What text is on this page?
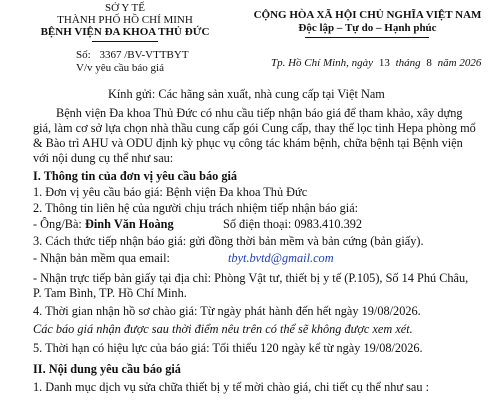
SỞ Y TẾ
THÀNH PHỐ HỒ CHÍ MINH
BỆNH VIỆN ĐA KHOA THỦ ĐỨC
Số: 3367 /BV-VTTBYT
V/v yêu cầu báo giá
CỘNG HÒA XÃ HỘI CHỦ NGHĨA VIỆT NAM
Độc lập – Tự do – Hạnh phúc
Tp. Hồ Chí Minh, ngày 13 tháng 8 năm 2026
Kính gửi: Các hãng sản xuất, nhà cung cấp tại Việt Nam
Bệnh viện Đa khoa Thủ Đức có nhu cầu tiếp nhận báo giá để tham khảo, xây dựng
giá, làm cơ sở lựa chọn nhà thầu cung cấp gói Cung cấp, thay thế lọc tinh Hepa phòng mổ
& Bào trì AHU và ODU định kỳ phục vụ công tác khám bệnh, chữa bệnh tại Bệnh viện
với nội dung cụ thể như sau:
I. Thông tin của đơn vị yêu cầu báo giá
1. Đơn vị yêu cầu báo giá: Bệnh viện Đa khoa Thủ Đức
2. Thông tin liên hệ của người chịu trách nhiệm tiếp nhận báo giá:
- Ông/Bà: Đinh Văn Hoàng	Số điện thoại: 0983.410.392
3. Cách thức tiếp nhận báo giá: gửi đồng thời bản mềm và bản cứng (bản giấy).
- Nhận bản mềm qua email:	tbyt.bvtd@gmail.com
- Nhận trực tiếp bản giấy tại địa chỉ: Phòng Vật tư, thiết bị y tế (P.105), Số 14 Phú Châu,
P. Tam Bình, TP. Hồ Chí Minh.
4. Thời gian nhận hồ sơ chào giá: Từ ngày phát hành đến hết ngày 19/08/2026.
Các báo giá nhận được sau thời điểm nêu trên có thể sẽ không được xem xét.
5. Thời hạn có hiệu lực của báo giá: Tối thiểu 120 ngày kể từ ngày 19/08/2026.
II. Nội dung yêu cầu báo giá
1. Danh mục dịch vụ sửa chữa thiết bị y tế mời chào giá, chi tiết cụ thể như sau :
